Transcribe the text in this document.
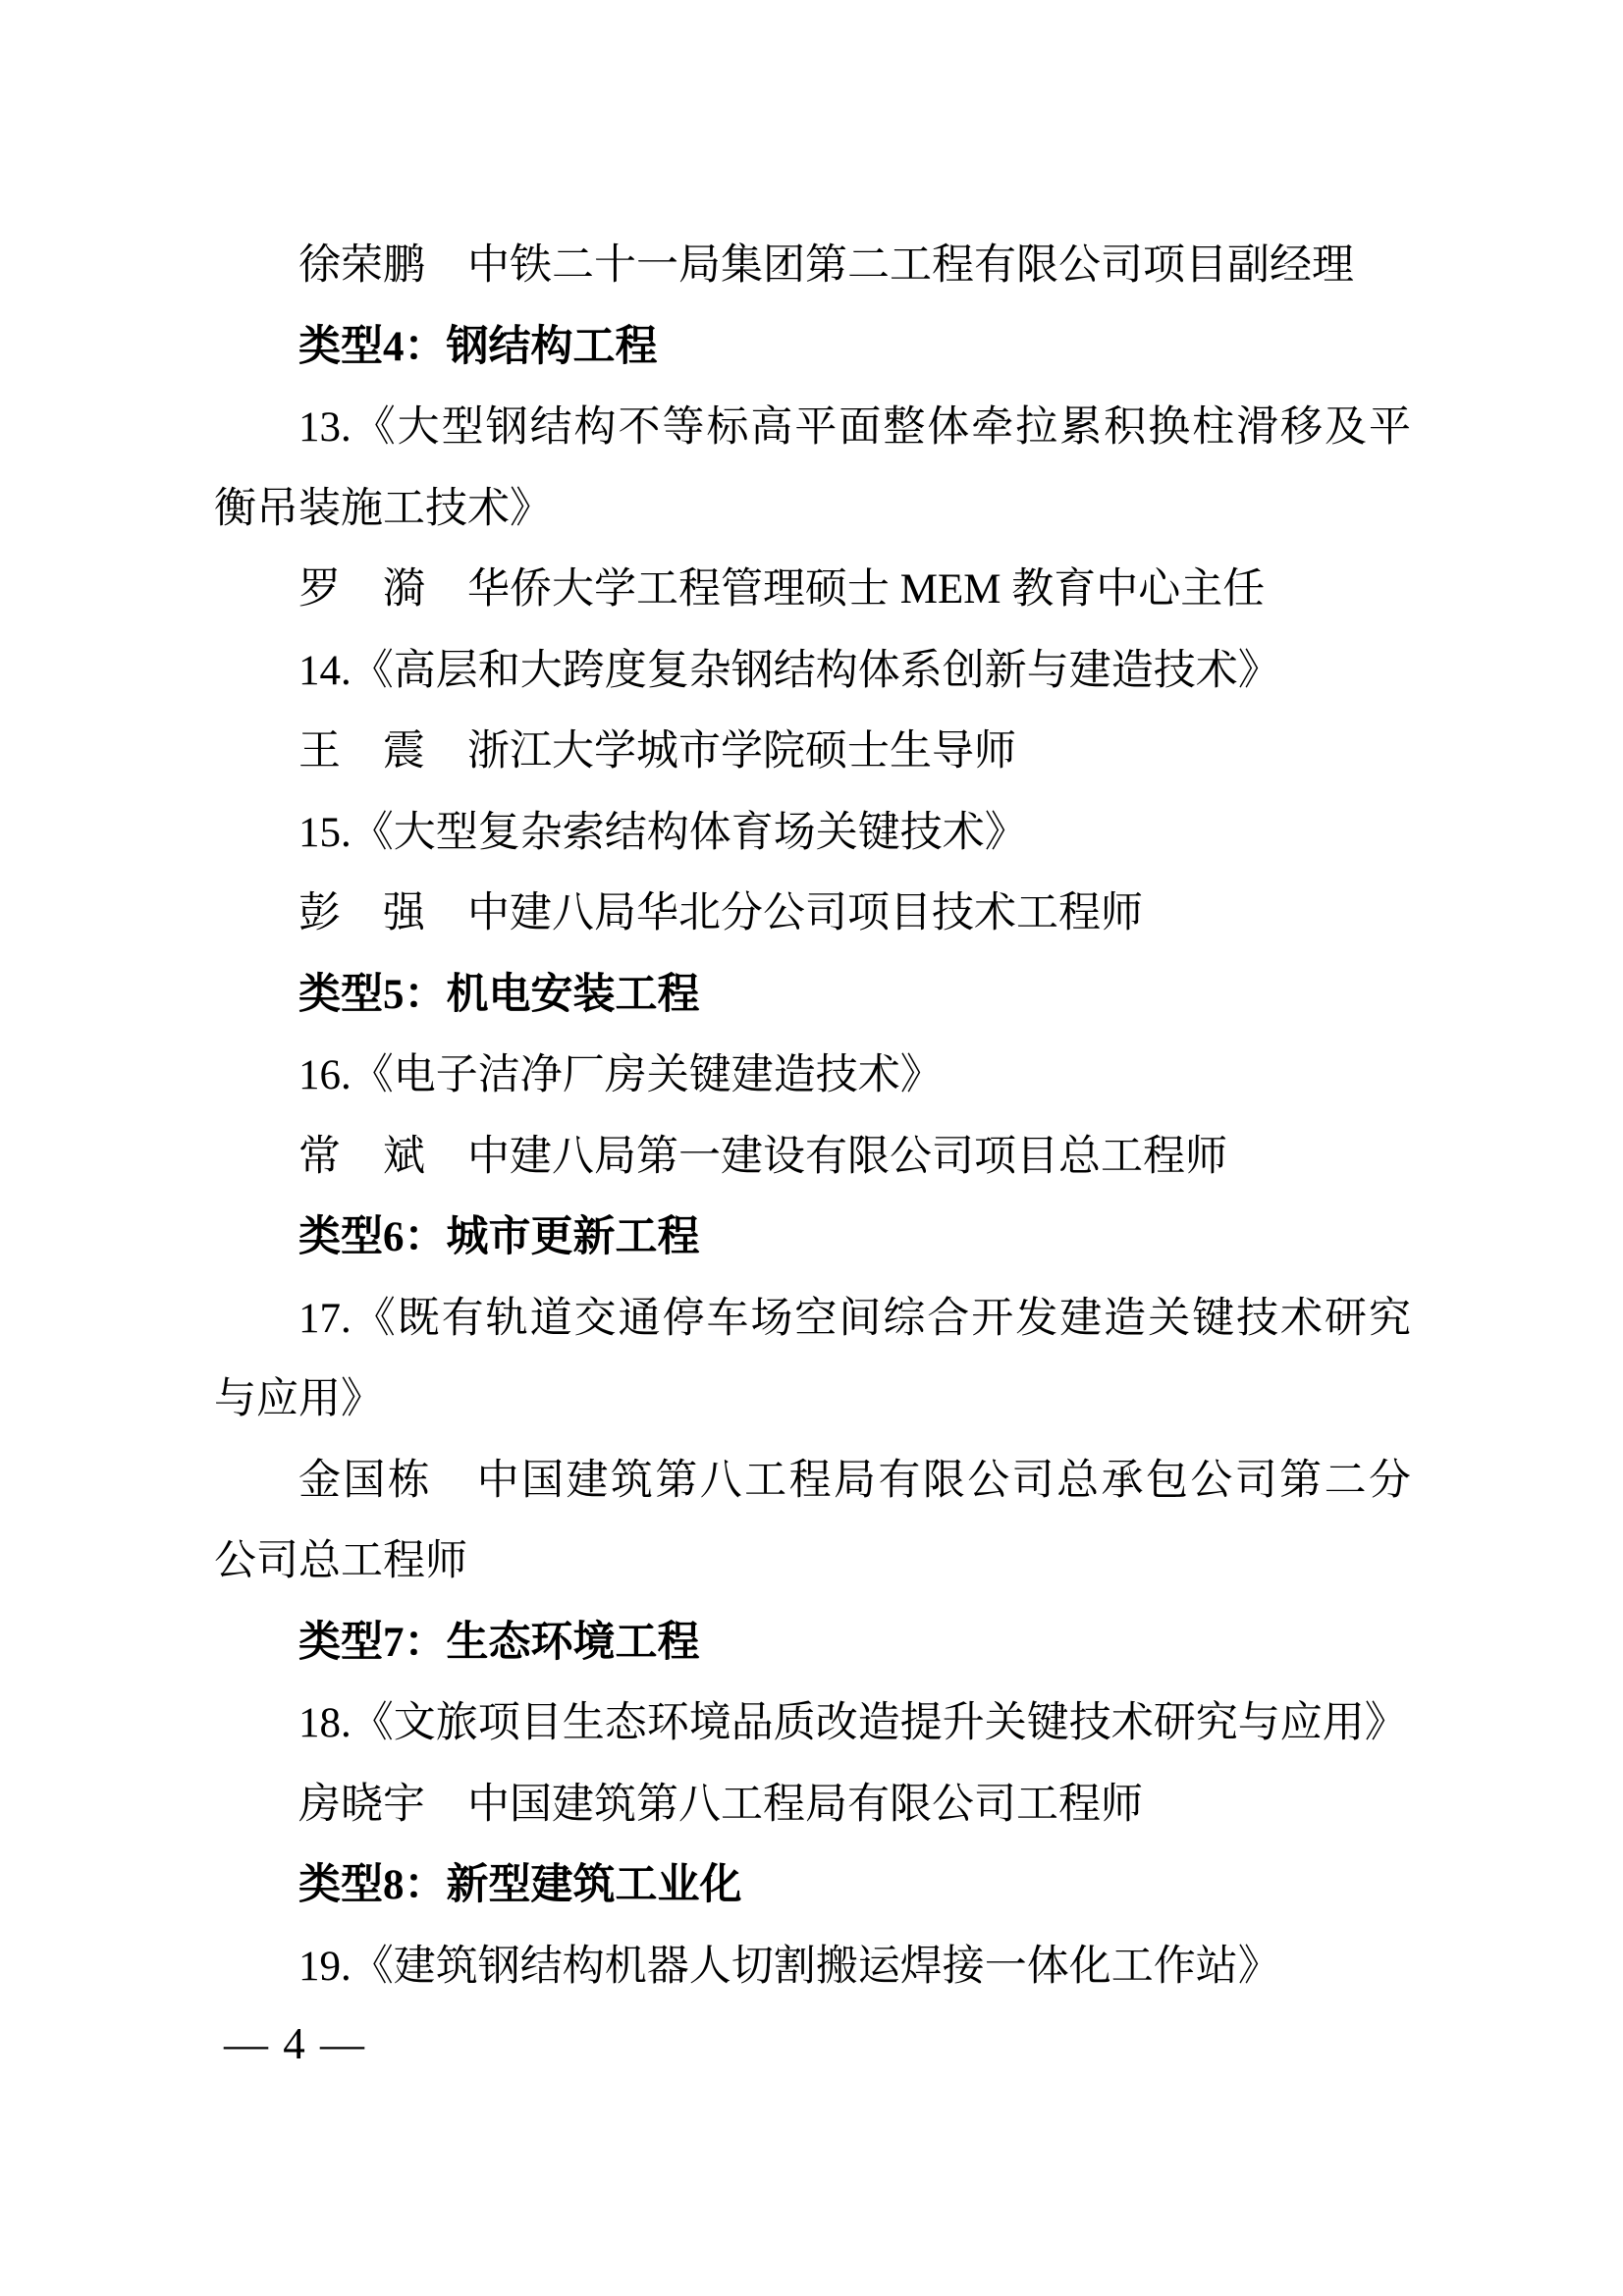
徐荣鹏　中铁二十一局集团第二工程有限公司项目副经理
类型4：钢结构工程
13.《大型钢结构不等标高平面整体牵拉累积换柱滑移及平
衡吊装施工技术》
罗　漪　华侨大学工程管理硕士 MEM 教育中心主任
14.《高层和大跨度复杂钢结构体系创新与建造技术》
王　震　浙江大学城市学院硕士生导师
15.《大型复杂索结构体育场关键技术》
彭　强　中建八局华北分公司项目技术工程师
类型5：机电安装工程
16.《电子洁净厂房关键建造技术》
常　斌　中建八局第一建设有限公司项目总工程师
类型6：城市更新工程
17.《既有轨道交通停车场空间综合开发建造关键技术研究
与应用》
金国栋　中国建筑第八工程局有限公司总承包公司第二分
公司总工程师
类型7：生态环境工程
18.《文旅项目生态环境品质改造提升关键技术研究与应用》
房晓宇　中国建筑第八工程局有限公司工程师
类型8：新型建筑工业化
19.《建筑钢结构机器人切割搬运焊接一体化工作站》
— 4 —
